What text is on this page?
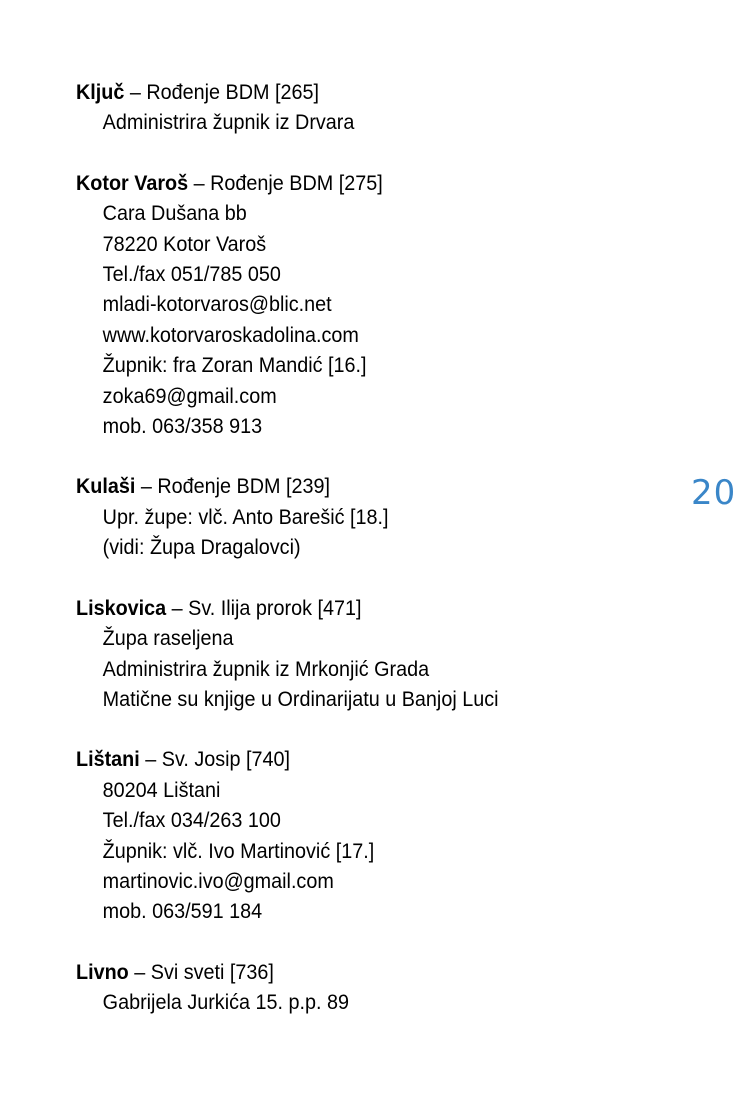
Ključ – Rođenje BDM [265]
Administrira župnik iz Drvara
Kotor Varoš – Rođenje BDM [275]
Cara Dušana bb
78220 Kotor Varoš
Tel./fax 051/785 050
mladi-kotorvaros@blic.net
www.kotorvaroskadolina.com
Župnik: fra Zoran Mandić [16.]
zoka69@gmail.com
mob. 063/358 913
Kulaši – Rođenje BDM [239]
Upr. župe: vlč. Anto Barešić [18.]
(vidi: Župa Dragalovci)
Liskovica – Sv. Ilija prorok [471]
Župa raseljena
Administrira župnik iz Mrkonjić Grada
Matične su knjige u Ordinarijatu u Banjoj Luci
Lištani – Sv. Josip [740]
80204 Lištani
Tel./fax 034/263 100
Župnik: vlč. Ivo Martinović [17.]
martinovic.ivo@gmail.com
mob. 063/591 184
Livno – Svi sveti [736]
Gabrijela Jurkića 15. p.p. 89
20
